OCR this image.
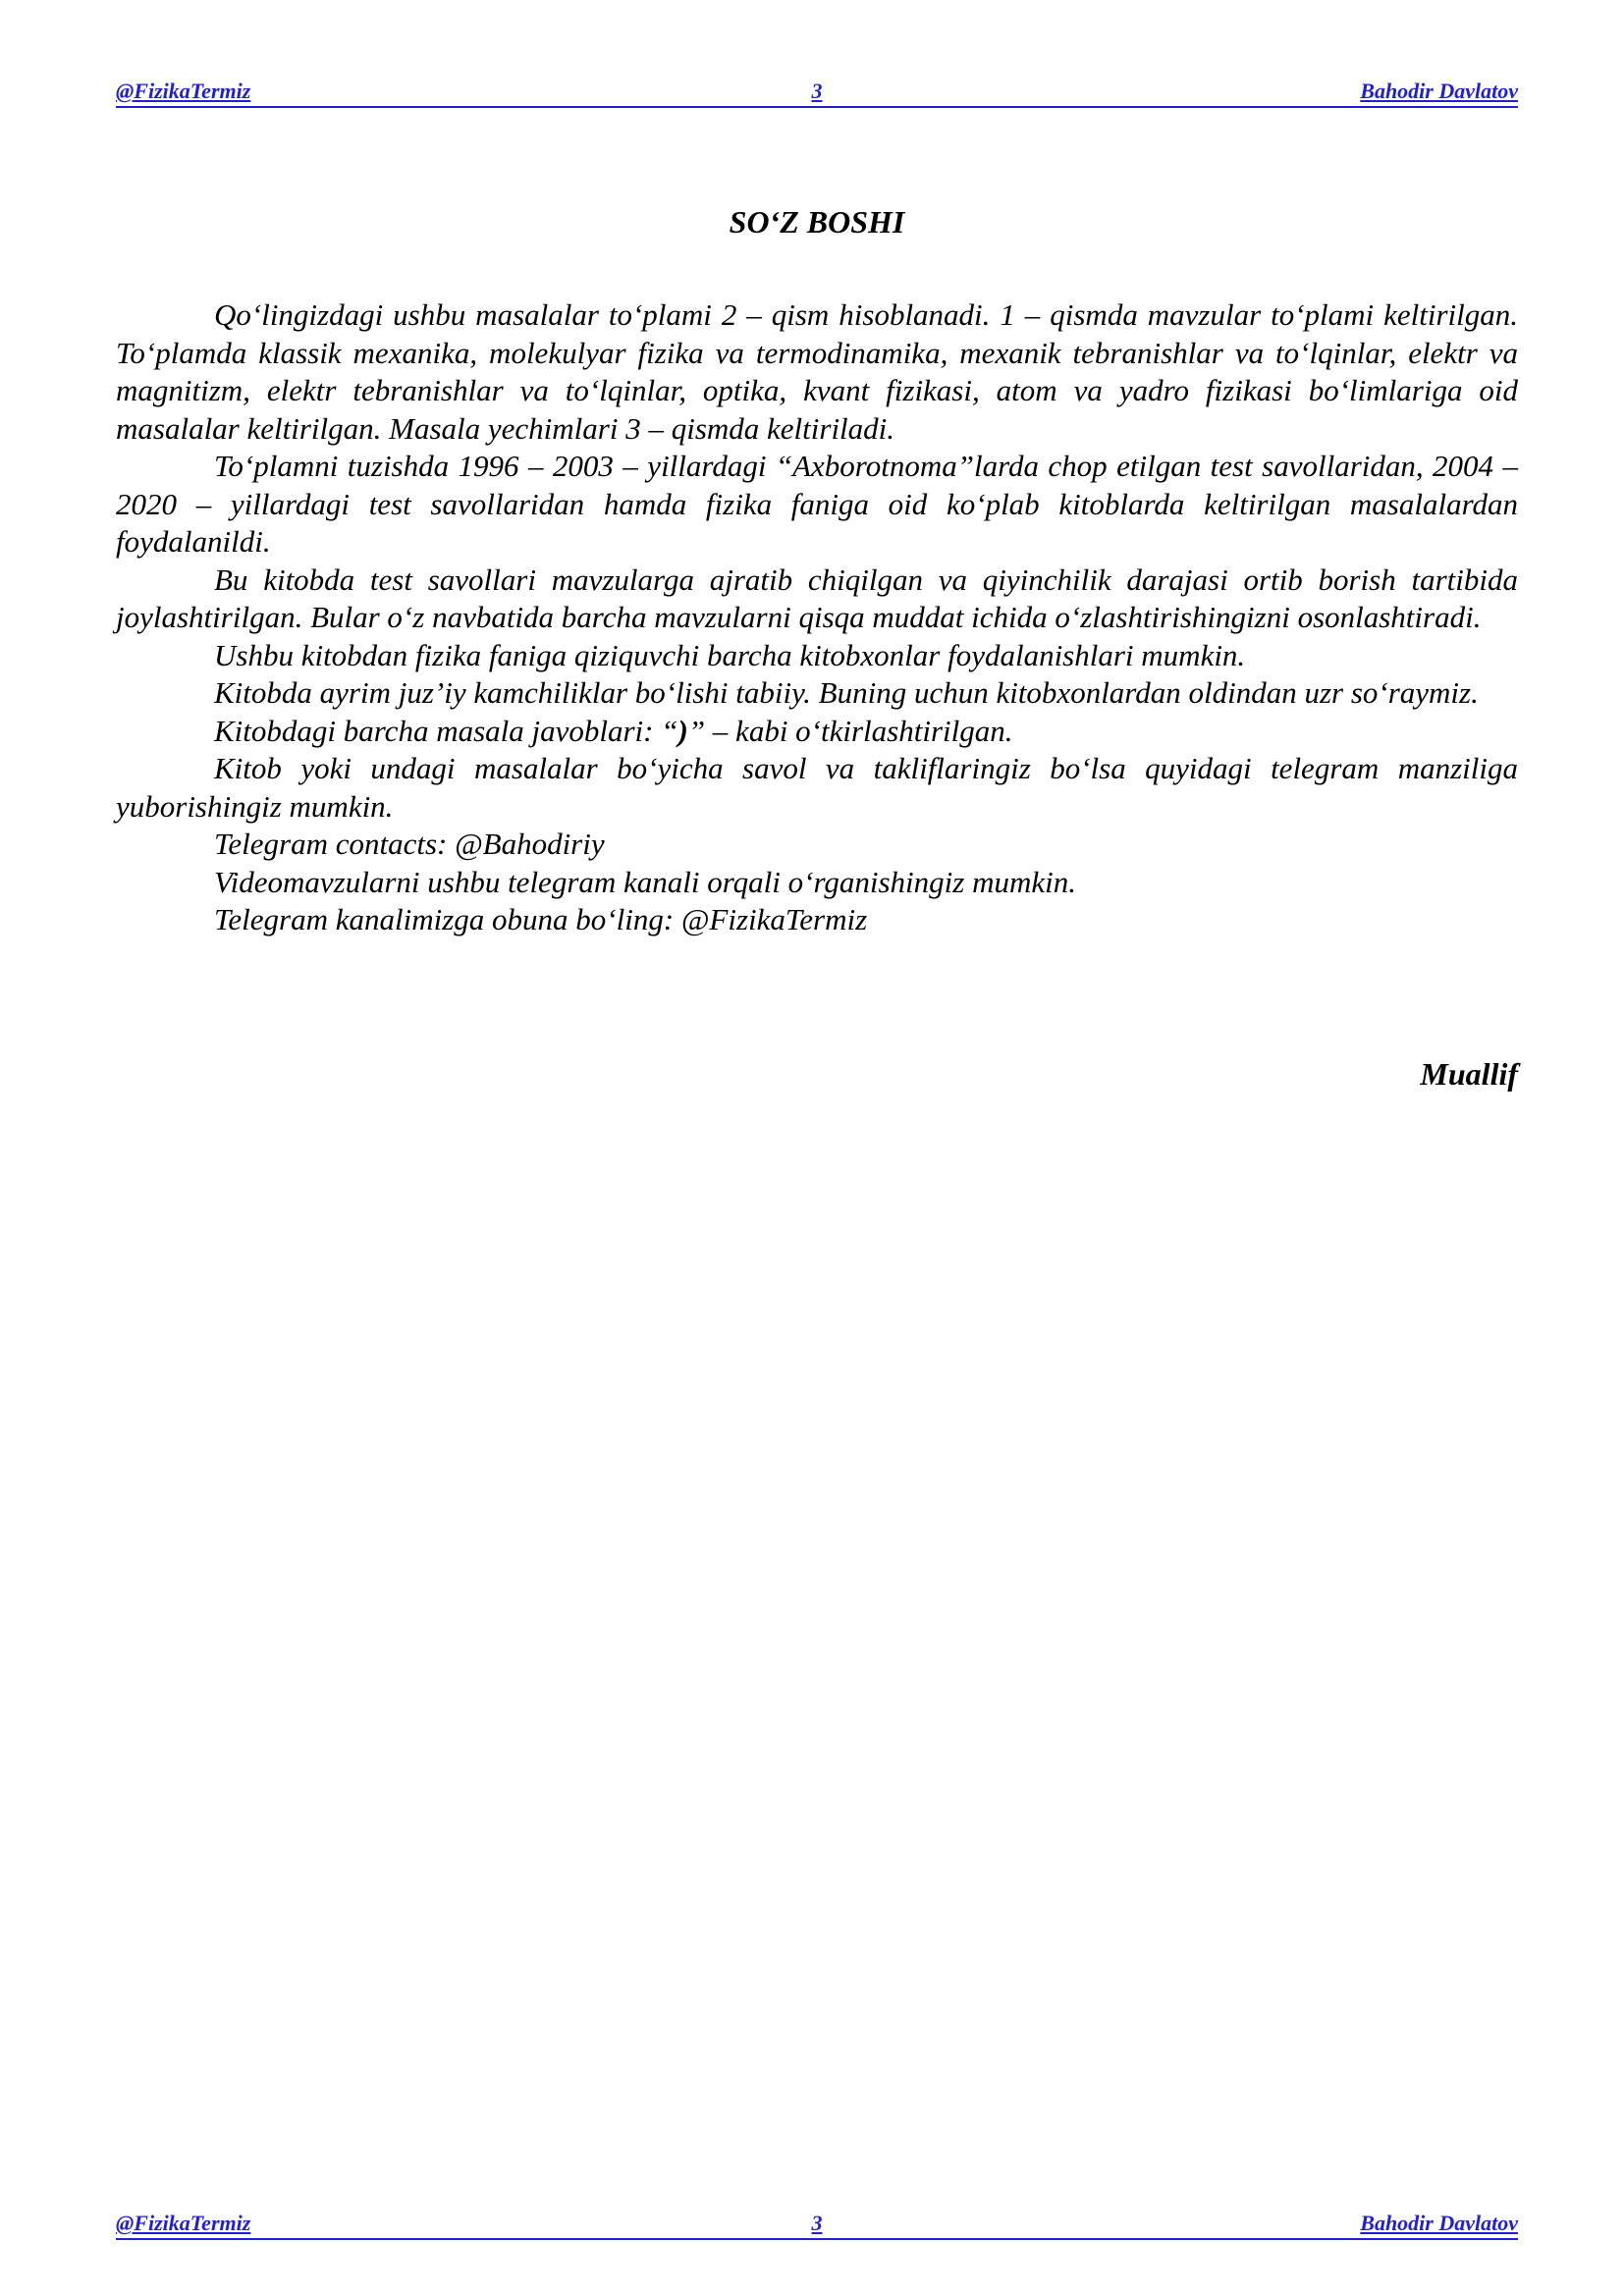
@FizikaTermiz	3	Bahodir Davlatov
SO‘Z BOSHI

Qo‘lingizdagi ushbu masalalar to‘plami 2 – qism hisoblanadi. 1 – qismda mavzular to‘plami keltirilgan. To‘plamda klassik mexanika, molekulyar fizika va termodinamika, mexanik tebranishlar va to‘lqinlar, elektr va magnitizm, elektr tebranishlar va to‘lqinlar, optika, kvant fizikasi, atom va yadro fizikasi bo‘limlariga oid masalalar keltirilgan. Masala yechimlari 3 – qismda keltiriladi.

To‘plamni tuzishda 1996 – 2003 – yillardagi “Axborotnoma”larda chop etilgan test savollaridan, 2004 – 2020 – yillardagi test savollaridan hamda fizika faniga oid ko‘plab kitoblarda keltirilgan masalalardan foydalanildi.

Bu kitobda test savollari mavzularga ajratib chiqilgan va qiyinchilik darajasi ortib borish tartibida joylashtirilgan. Bular o‘z navbatida barcha mavzularni qisqa muddat ichida o‘zlashtirishingizni osonlashtiradi.

Ushbu kitobdan fizika faniga qiziquvchi barcha kitobxonlar foydalanishlari mumkin.

Kitobda ayrim juz’iy kamchiliklar bo‘lishi tabiiy. Buning uchun kitobxonlardan oldindan uzr so‘raymiz.

Kitobdagi barcha masala javoblari: “)” – kabi o‘tkirlashtirilgan.

Kitob yoki undagi masalalar bo‘yicha savol va takliflaringiz bo‘lsa quyidagi telegram manziliga yuborishingiz mumkin.

Telegram contacts: @Bahodiriy

Videomavzularni ushbu telegram kanali orqali o‘rganishingiz mumkin.

Telegram kanalimizga obuna bo‘ling: @FizikaTermiz

Muallif
@FizikaTermiz	3	Bahodir Davlatov
